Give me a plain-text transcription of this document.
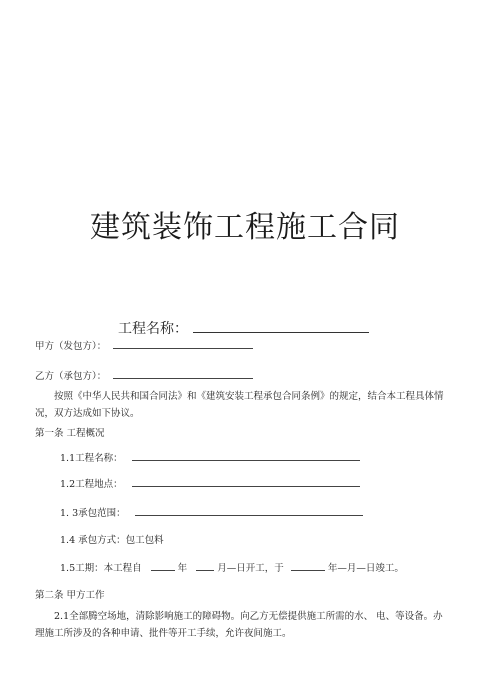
建筑装饰工程施工合同
工程名称：
甲方（发包方）：
乙方（承包方）：
按照《中华人民共和国合同法》和《建筑安装工程承包合同条例》的规定，结合本工程具体情况，双方达成如下协议。
第一条 工程概况
1.1工程名称：
1.2工程地点：
1. 3承包范围：
1.4 承包方式：包工包料
1.5工期：本工程自	年	月—日开工，于	年—月—日竣工。
第二条 甲方工作
2.1全部腾空场地，清除影响施工的障碍物。向乙方无偿提供施工所需的水、 电、等设备。办理施工所涉及的各种申请、批件等开工手续，允许夜间施工。
